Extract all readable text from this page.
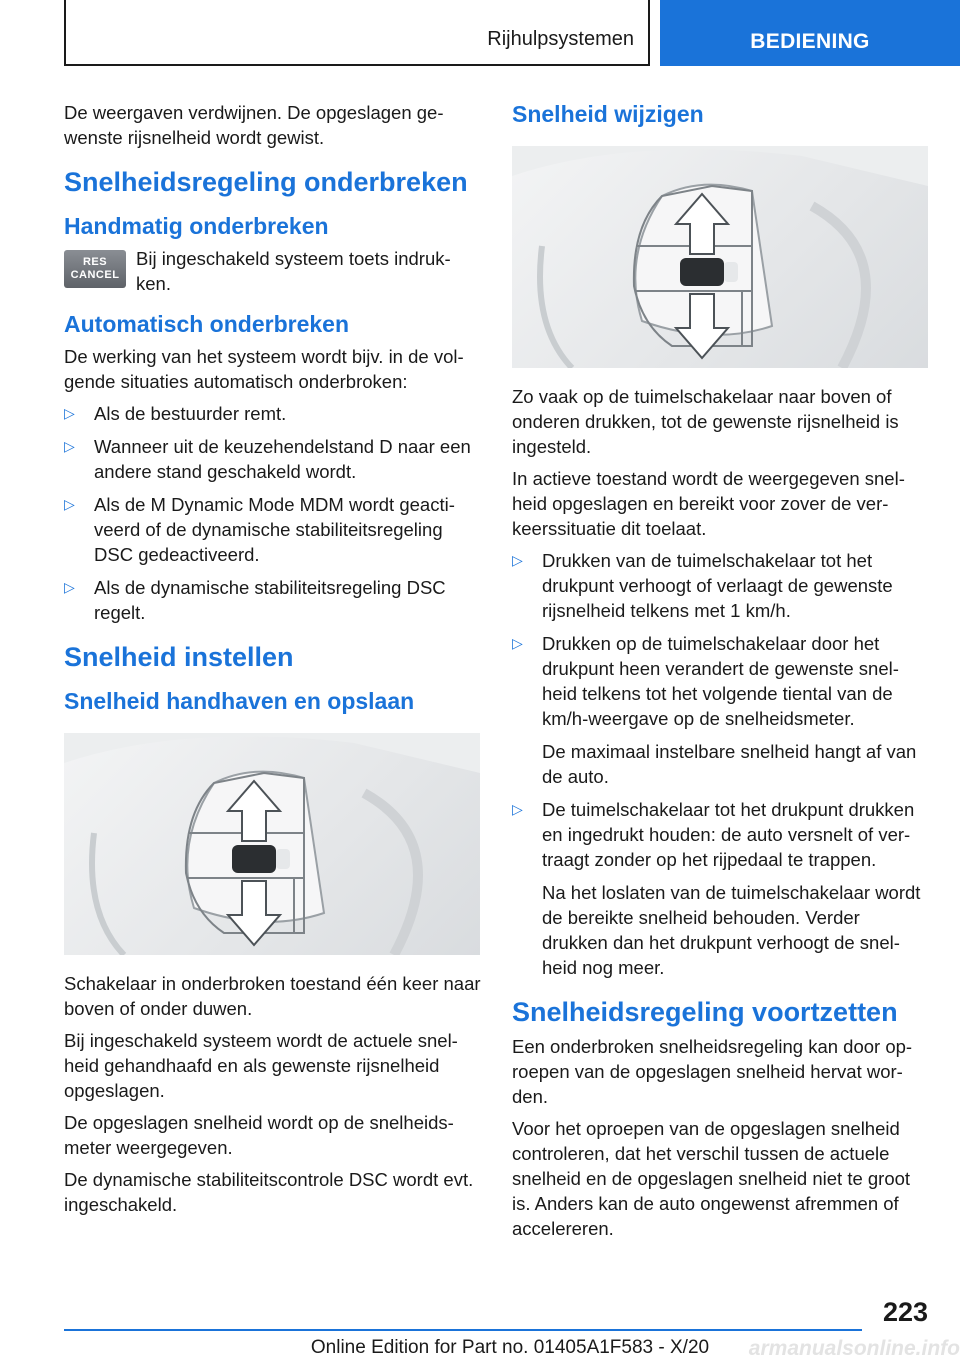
Rijhulpsystemen	BEDIENING

De weergaven verdwijnen. De opgeslagen ge-wenste rijsnelheid wordt gewist.

Snelheidsregeling onderbreken
Handmatig onderbreken
RES
CANCEL

Bij ingeschakeld systeem toets indruk-ken.

Automatisch onderbreken

De werking van het systeem wordt bijv. in de vol-gende situaties automatisch onderbroken:

▷ Als de bestuurder remt.
▷ Wanneer uit de keuzehendelstand D naar een andere stand geschakeld wordt.
▷ Als de M Dynamic Mode MDM wordt geacti-veerd of de dynamische stabiliteitsregeling DSC gedeactiveerd.
▷ Als de dynamische stabiliteitsregeling DSC regelt.
Snelheid instellen
Snelheid handhaven en opslaan

Schakelaar in onderbroken toestand één keer naar boven of onder duwen.

Bij ingeschakeld systeem wordt de actuele snel-heid gehandhaafd en als gewenste rijsnelheid opgeslagen.

De opgeslagen snelheid wordt op de snelheids-meter weergegeven.

De dynamische stabiliteitscontrole DSC wordt evt. ingeschakeld.

Snelheid wijzigen

Zo vaak op de tuimelschakelaar naar boven of onderen drukken, tot de gewenste rijsnelheid is ingesteld.

In actieve toestand wordt de weergegeven snel-heid opgeslagen en bereikt voor zover de ver-keerssituatie dit toelaat.

▷ Drukken van de tuimelschakelaar tot het drukpunt verhoogt of verlaagt de gewenste rijsnelheid telkens met 1 km/h.
▷ Drukken op de tuimelschakelaar door het drukpunt heen verandert de gewenste snel-heid telkens tot het volgende tiental van de km/h-weergave op de snelheidsmeter.
De maximaal instelbare snelheid hangt af van de auto.
▷ De tuimelschakelaar tot het drukpunt drukken en ingedrukt houden: de auto versnelt of ver-traagt zonder op het rijpedaal te trappen.
Na het loslaten van de tuimelschakelaar wordt de bereikte snelheid behouden. Verder drukken dan het drukpunt verhoogt de snel-heid nog meer.
Snelheidsregeling voortzetten

Een onderbroken snelheidsregeling kan door op-roepen van de opgeslagen snelheid hervat wor-den.

Voor het oproepen van de opgeslagen snelheid controleren, dat het verschil tussen de actuele snelheid en de opgeslagen snelheid niet te groot is. Anders kan de auto ongewenst afremmen of accelereren.

223
Online Edition for Part no. 01405A1F583 - X/20	armanualsonline.info
